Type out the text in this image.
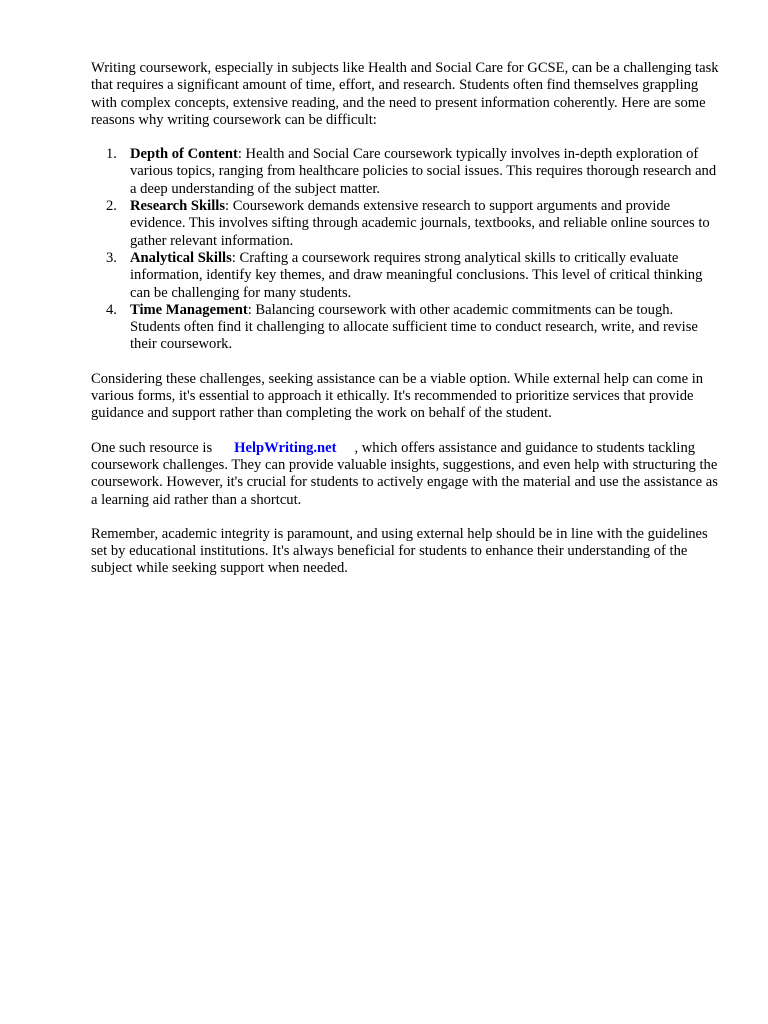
Writing coursework, especially in subjects like Health and Social Care for GCSE, can be a challenging task that requires a significant amount of time, effort, and research. Students often find themselves grappling with complex concepts, extensive reading, and the need to present information coherently. Here are some reasons why writing coursework can be difficult:

1. Depth of Content: Health and Social Care coursework typically involves in-depth exploration of various topics, ranging from healthcare policies to social issues. This requires thorough research and a deep understanding of the subject matter.
2. Research Skills: Coursework demands extensive research to support arguments and provide evidence. This involves sifting through academic journals, textbooks, and reliable online sources to gather relevant information.
3. Analytical Skills: Crafting a coursework requires strong analytical skills to critically evaluate information, identify key themes, and draw meaningful conclusions. This level of critical thinking can be challenging for many students.
4. Time Management: Balancing coursework with other academic commitments can be tough. Students often find it challenging to allocate sufficient time to conduct research, write, and revise their coursework.

Considering these challenges, seeking assistance can be a viable option. While external help can come in various forms, it's essential to approach it ethically. It's recommended to prioritize services that provide guidance and support rather than completing the work on behalf of the student.

One such resource is HelpWriting.net , which offers assistance and guidance to students tackling coursework challenges. They can provide valuable insights, suggestions, and even help with structuring the coursework. However, it's crucial for students to actively engage with the material and use the assistance as a learning aid rather than a shortcut.

Remember, academic integrity is paramount, and using external help should be in line with the guidelines set by educational institutions. It's always beneficial for students to enhance their understanding of the subject while seeking support when needed.
